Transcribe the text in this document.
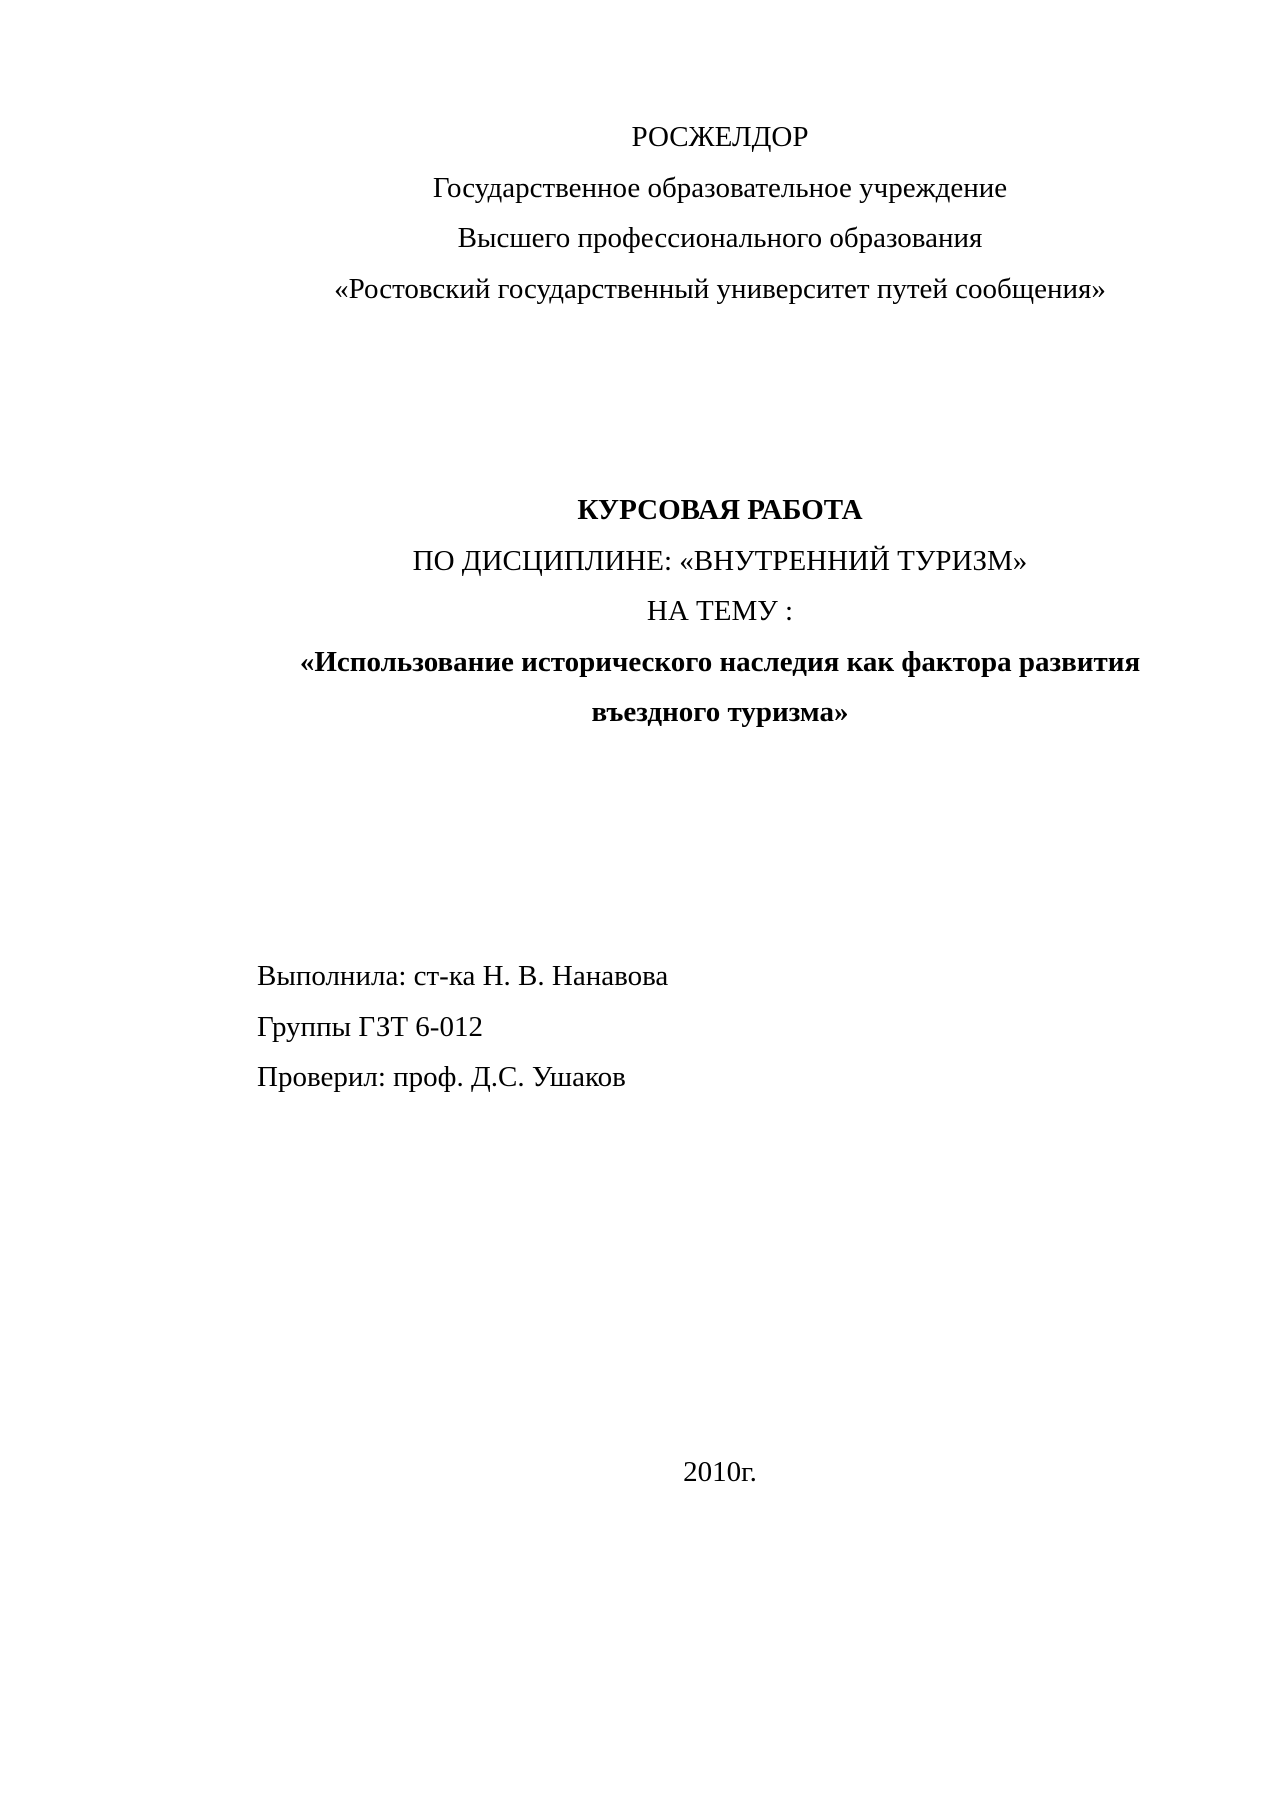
РОСЖЕЛДОР
Государственное образовательное учреждение
Высшего профессионального образования
«Ростовский государственный университет путей сообщения»
КУРСОВАЯ РАБОТА
ПО ДИСЦИПЛИНЕ: «ВНУТРЕННИЙ ТУРИЗМ»
НА ТЕМУ :
«Использование исторического наследия как фактора развития
въездного туризма»
Выполнила: ст-ка Н. В. Нанавова
Группы ГЗТ 6-012
Проверил: проф. Д.С. Ушаков
2010г.
